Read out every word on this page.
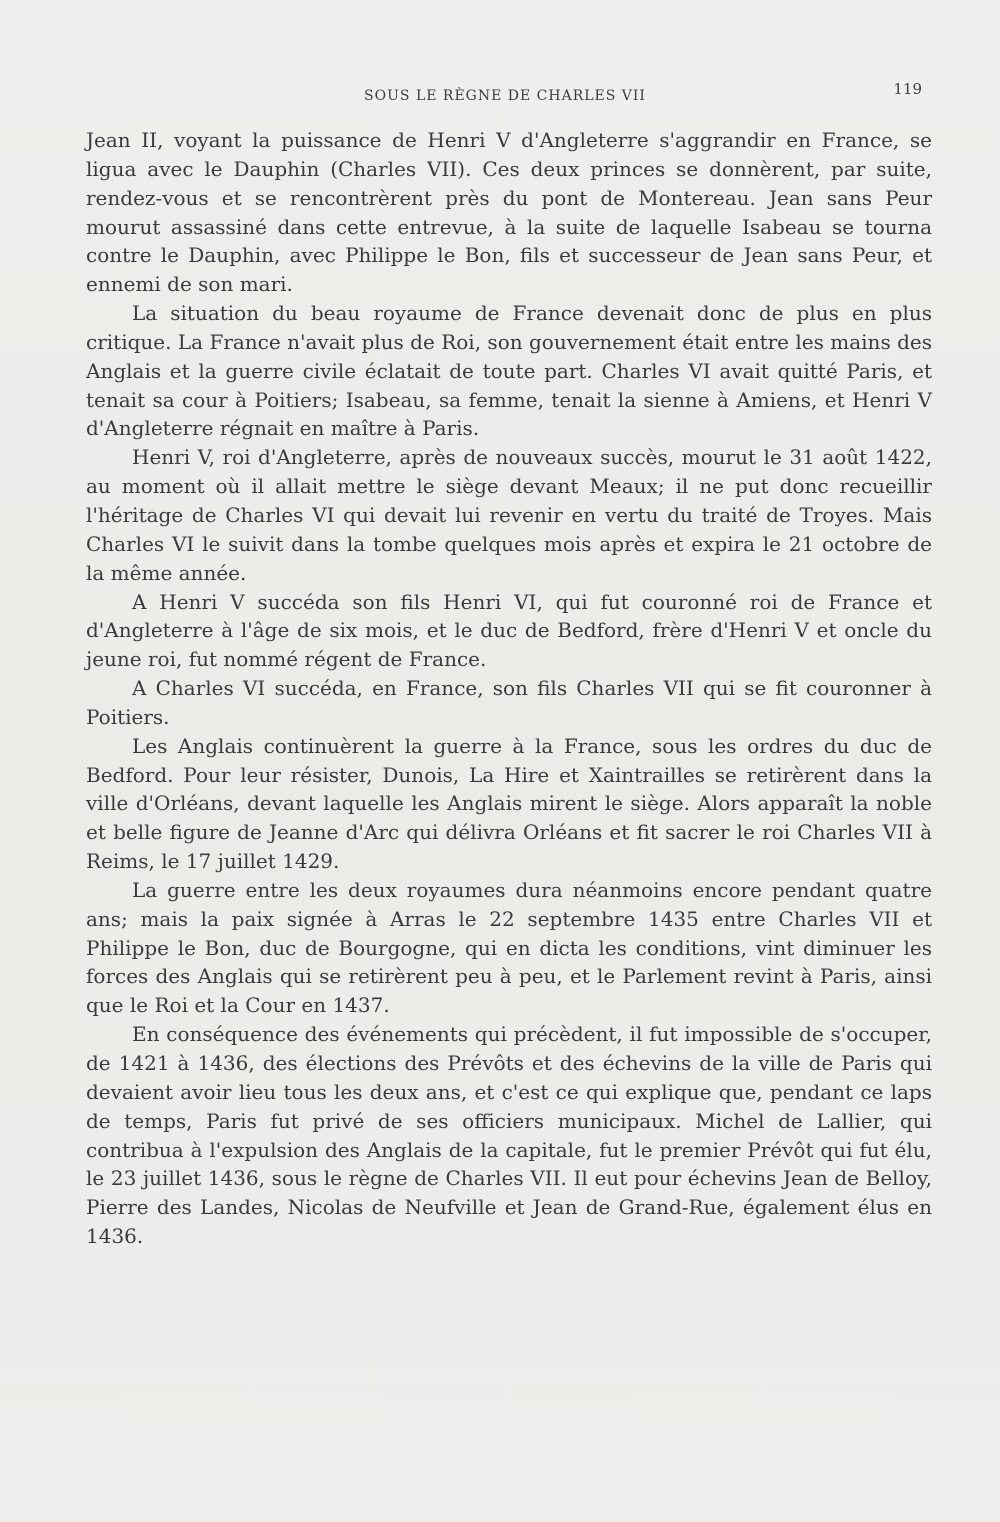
SOUS LE RÈGNE DE CHARLES VII	119

Jean II, voyant la puissance de Henri V d'Angleterre s'aggrandir en France, se ligua avec le Dauphin (Charles VII). Ces deux princes se donnèrent, par suite, rendez-vous et se rencontrèrent près du pont de Montereau. Jean sans Peur mourut assassiné dans cette entrevue, à la suite de laquelle Isabeau se tourna contre le Dauphin, avec Philippe le Bon, fils et successeur de Jean sans Peur, et ennemi de son mari.

La situation du beau royaume de France devenait donc de plus en plus critique. La France n'avait plus de Roi, son gouvernement était entre les mains des Anglais et la guerre civile éclatait de toute part. Charles VI avait quitté Paris, et tenait sa cour à Poitiers; Isabeau, sa femme, tenait la sienne à Amiens, et Henri V d'Angleterre régnait en maître à Paris.

Henri V, roi d'Angleterre, après de nouveaux succès, mourut le 31 août 1422, au moment où il allait mettre le siège devant Meaux; il ne put donc recueillir l'héritage de Charles VI qui devait lui revenir en vertu du traité de Troyes. Mais Charles VI le suivit dans la tombe quelques mois après et expira le 21 octobre de la même année.

A Henri V succéda son fils Henri VI, qui fut couronné roi de France et d'Angleterre à l'âge de six mois, et le duc de Bedford, frère d'Henri V et oncle du jeune roi, fut nommé régent de France.

A Charles VI succéda, en France, son fils Charles VII qui se fit couronner à Poitiers.

Les Anglais continuèrent la guerre à la France, sous les ordres du duc de Bedford. Pour leur résister, Dunois, La Hire et Xaintrailles se retirèrent dans la ville d'Orléans, devant laquelle les Anglais mirent le siège. Alors apparaît la noble et belle figure de Jeanne d'Arc qui délivra Orléans et fit sacrer le roi Charles VII à Reims, le 17 juillet 1429.

La guerre entre les deux royaumes dura néanmoins encore pendant quatre ans; mais la paix signée à Arras le 22 septembre 1435 entre Charles VII et Philippe le Bon, duc de Bourgogne, qui en dicta les conditions, vint diminuer les forces des Anglais qui se retirèrent peu à peu, et le Parlement revint à Paris, ainsi que le Roi et la Cour en 1437.

En conséquence des événements qui précèdent, il fut impossible de s'occuper, de 1421 à 1436, des élections des Prévôts et des échevins de la ville de Paris qui devaient avoir lieu tous les deux ans, et c'est ce qui explique que, pendant ce laps de temps, Paris fut privé de ses officiers municipaux. Michel de Lallier, qui contribua à l'expulsion des Anglais de la capitale, fut le premier Prévôt qui fut élu, le 23 juillet 1436, sous le règne de Charles VII. Il eut pour échevins Jean de Belloy, Pierre des Landes, Nicolas de Neufville et Jean de Grand-Rue, également élus en 1436.
